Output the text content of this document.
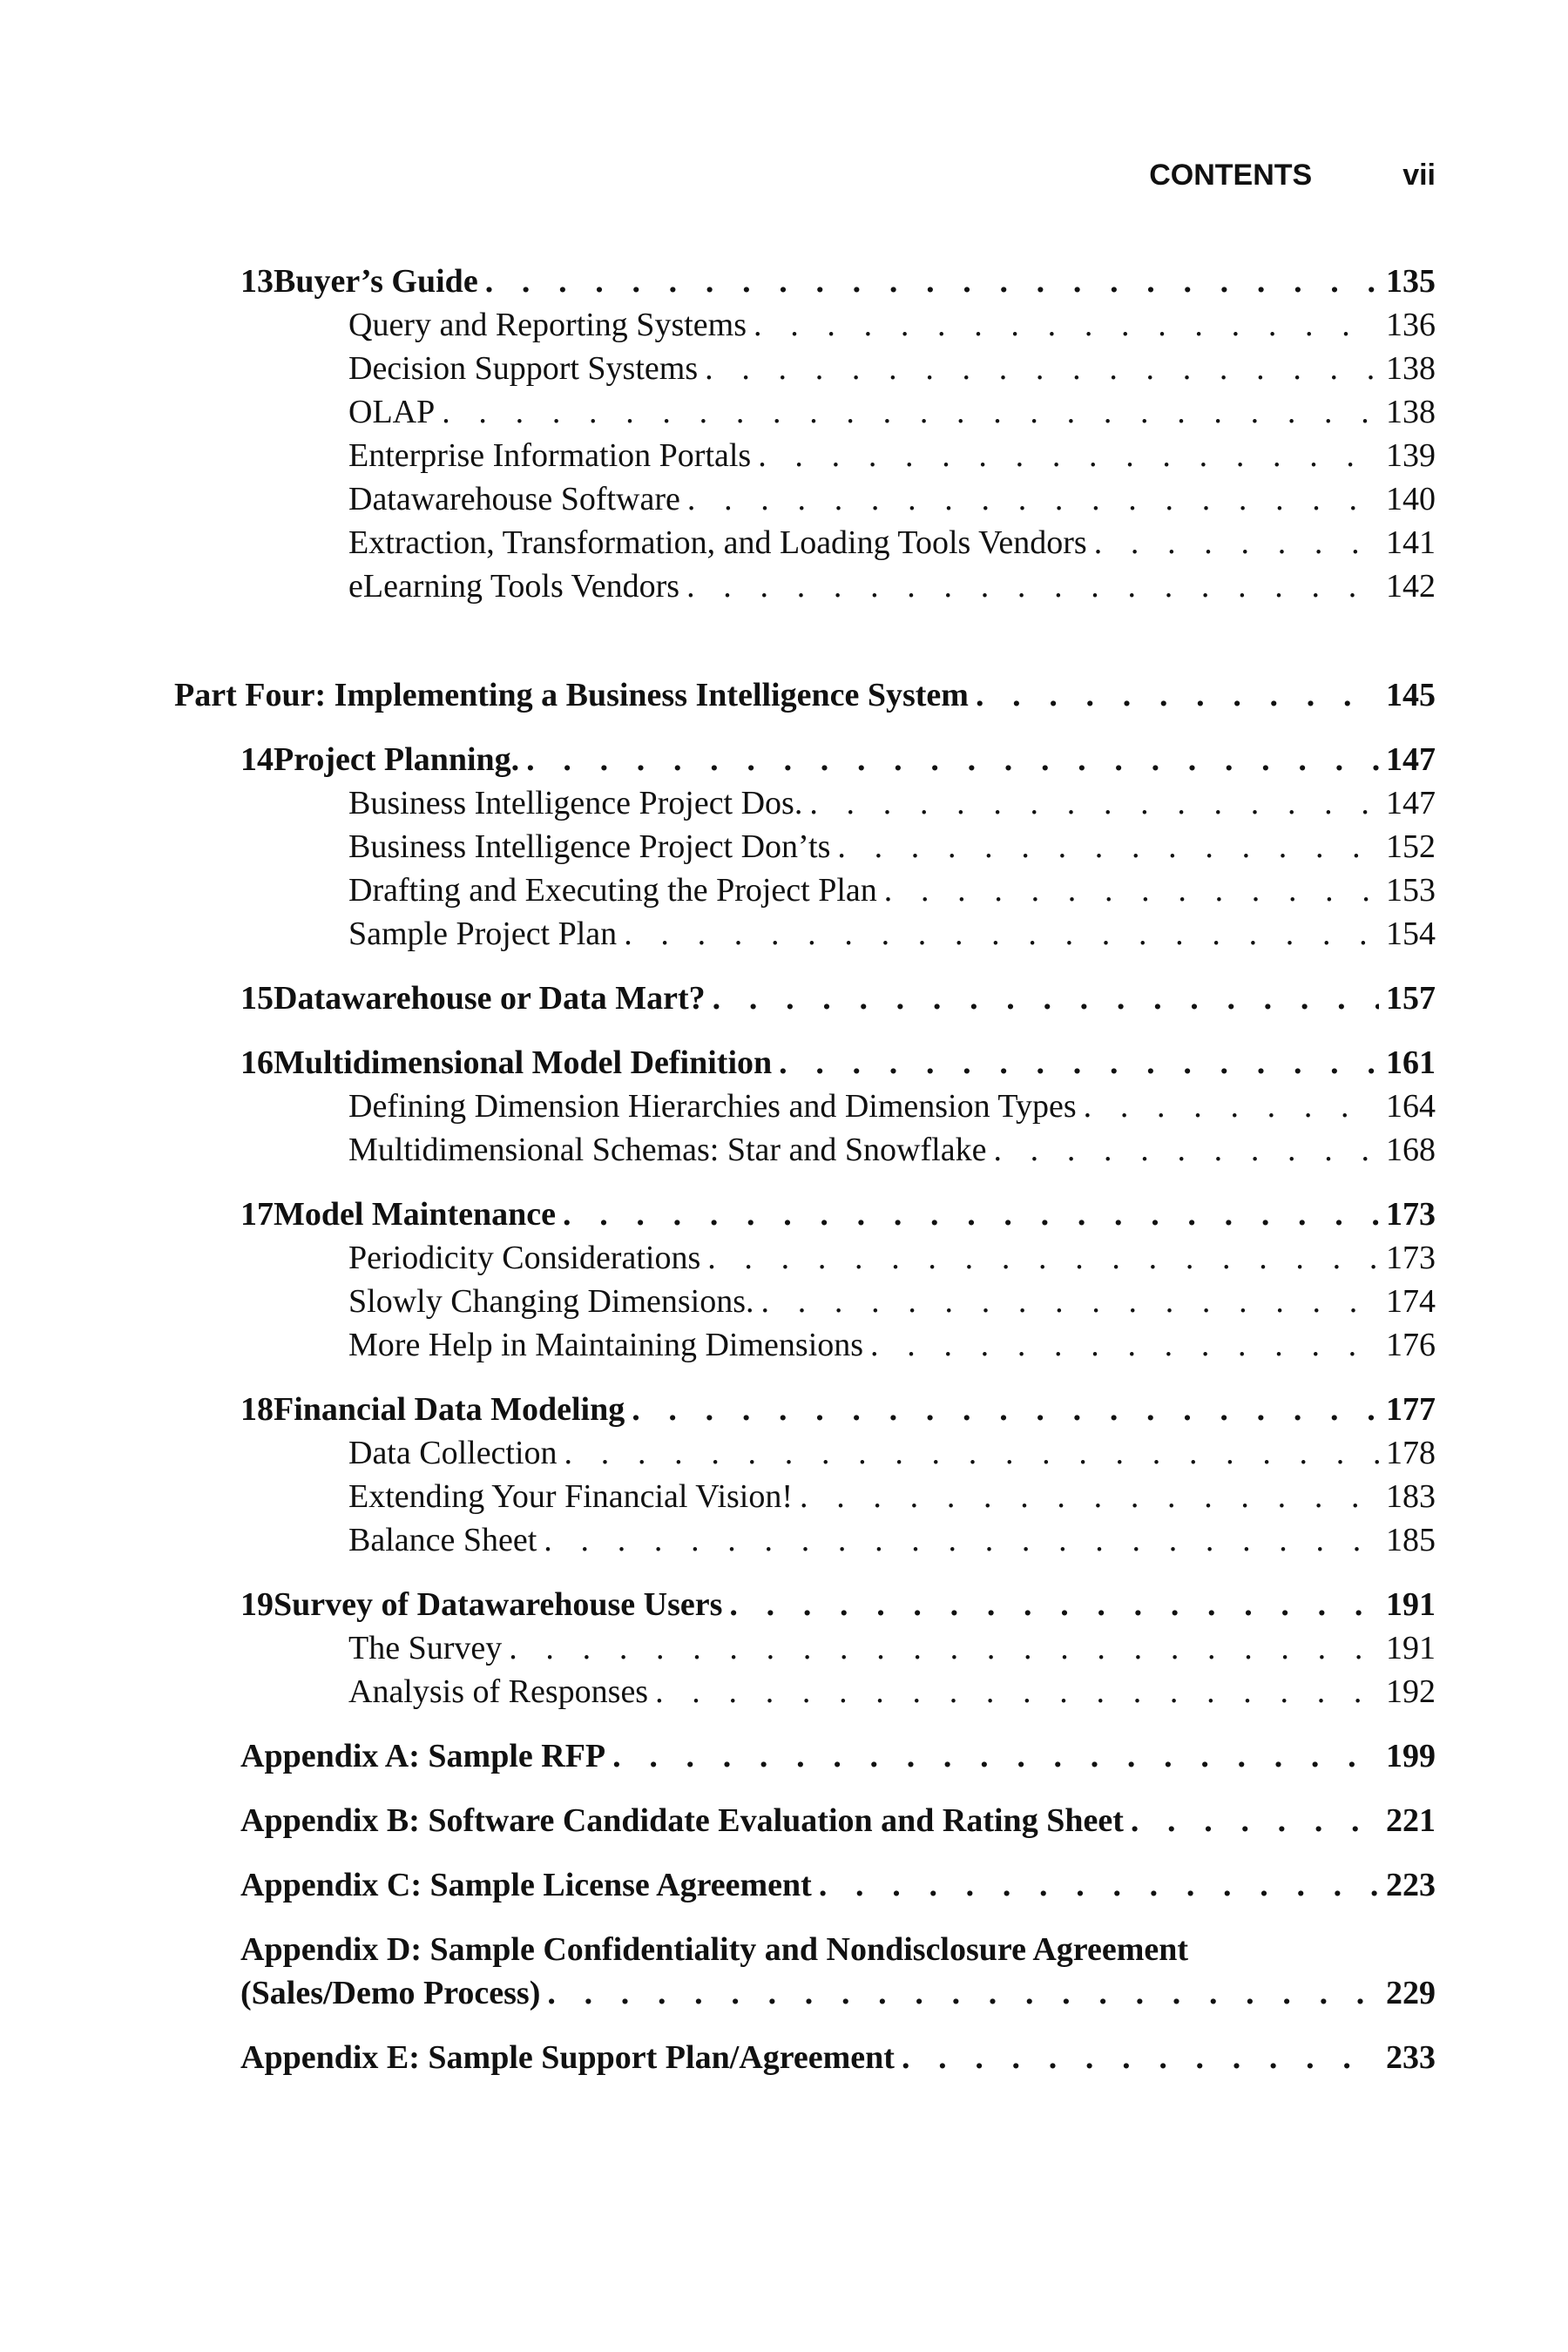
CONTENTS	vii
13 Buyer’s Guide . . .	135
Query and Reporting Systems . . .	136
Decision Support Systems . . .	138
OLAP . . .	138
Enterprise Information Portals . . .	139
Datawarehouse Software . . .	140
Extraction, Transformation, and Loading Tools Vendors . . .	141
eLearning Tools Vendors . . .	142
Part Four: Implementing a Business Intelligence System . . .	145
14 Project Planning. . . .	147
Business Intelligence Project Dos. . . .	147
Business Intelligence Project Don’ts . . .	152
Drafting and Executing the Project Plan . . .	153
Sample Project Plan . . .	154
15 Datawarehouse or Data Mart? . . .	157
16 Multidimensional Model Definition . . .	161
Defining Dimension Hierarchies and Dimension Types . . .	164
Multidimensional Schemas: Star and Snowflake . . .	168
17 Model Maintenance . . .	173
Periodicity Considerations . . .	173
Slowly Changing Dimensions. . . .	174
More Help in Maintaining Dimensions . . .	176
18 Financial Data Modeling . . .	177
Data Collection . . .	178
Extending Your Financial Vision! . . .	183
Balance Sheet . . .	185
19 Survey of Datawarehouse Users . . .	191
The Survey . . .	191
Analysis of Responses . . .	192
Appendix A: Sample RFP . . .	199
Appendix B: Software Candidate Evaluation and Rating Sheet . . .	221
Appendix C: Sample License Agreement . . .	223
Appendix D: Sample Confidentiality and Nondisclosure Agreement
(Sales/Demo Process) . . .	229
Appendix E: Sample Support Plan/Agreement . . .	233
